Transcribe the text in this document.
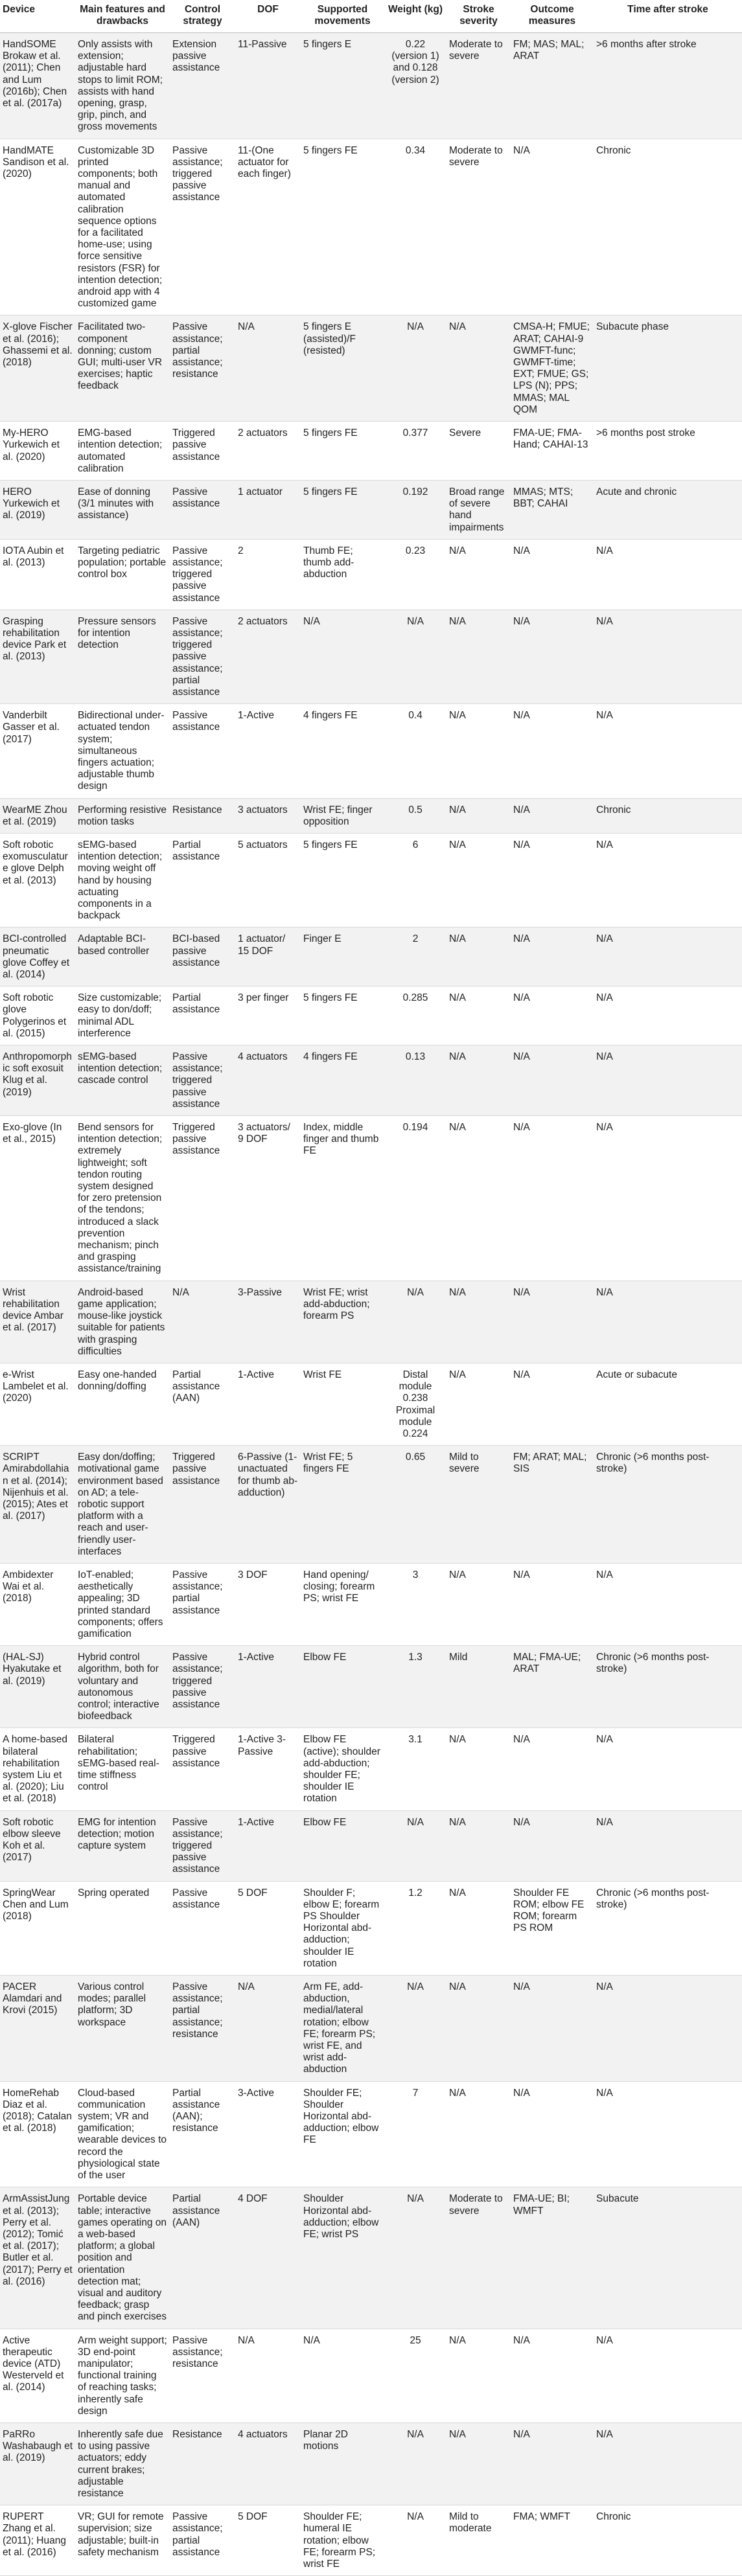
Device	Main features and drawbacks	Control strategy	DOF	Supported movements	Weight (kg)	Stroke severity	Outcome measures	Time after stroke
HandSOME Brokaw et al. (2011); Chen and Lum (2016b); Chen et al. (2017a)	Only assists with extension; adjustable hard stops to limit ROM; assists with hand opening, grasp, grip, pinch, and gross movements	Extension passive assistance	11-Passive	5 fingers E	0.22 (version 1) and 0.128 (version 2)	Moderate to severe	FM; MAS; MAL; ARAT	>6 months after stroke
HandMATE Sandison et al. (2020)	Customizable 3D printed components; both manual and automated calibration sequence options for a facilitated home-use; using force sensitive resistors (FSR) for intention detection; android app with 4 customized game	Passive assistance; triggered passive assistance	11-(One actuator for each finger)	5 fingers FE	0.34	Moderate to severe	N/A	Chronic
X-glove Fischer et al. (2016); Ghassemi et al. (2018)	Facilitated two-component donning; custom GUI; multi-user VR exercises; haptic feedback	Passive assistance; partial assistance; resistance	N/A	5 fingers E (assisted)/F (resisted)	N/A	N/A	CMSA-H; FMUE; ARAT; CAHAI-9 GWMFT-func; GWMFT-time; EXT; FMUE; GS; LPS (N); PPS; MMAS; MAL QOM	Subacute phase
My-HERO Yurkewich et al. (2020)	EMG-based intention detection; automated calibration	Triggered passive assistance	2 actuators	5 fingers FE	0.377	Severe	FMA-UE; FMA-Hand; CAHAI-13	>6 months post stroke
HERO Yurkewich et al. (2019)	Ease of donning (3/1 minutes with assistance)	Passive assistance	1 actuator	5 fingers FE	0.192	Broad range of severe hand impairments	MMAS; MTS; BBT; CAHAI	Acute and chronic
IOTA Aubin et al. (2013)	Targeting pediatric population; portable control box	Passive assistance; triggered passive assistance	2	Thumb FE; thumb add-abduction	0.23	N/A	N/A	N/A
Grasping rehabilitation device Park et al. (2013)	Pressure sensors for intention detection	Passive assistance; triggered passive assistance; partial assistance	2 actuators	N/A	N/A	N/A	N/A	N/A
Vanderbilt Gasser et al. (2017)	Bidirectional under-actuated tendon system; simultaneous fingers actuation; adjustable thumb design	Passive assistance	1-Active	4 fingers FE	0.4	N/A	N/A	N/A
WearME Zhou et al. (2019)	Performing resistive motion tasks	Resistance	3 actuators	Wrist FE; finger opposition	0.5	N/A	N/A	Chronic
Soft robotic exomusculature glove Delph et al. (2013)	sEMG-based intention detection; moving weight off hand by housing actuating components in a backpack	Partial assistance	5 actuators	5 fingers FE	6	N/A	N/A	N/A
BCI-controlled pneumatic glove Coffey et al. (2014)	Adaptable BCI-based controller	BCI-based passive assistance	1 actuator/ 15 DOF	Finger E	2	N/A	N/A	N/A
Soft robotic glove Polygerinos et al. (2015)	Size customizable; easy to don/doff; minimal ADL interference	Partial assistance	3 per finger	5 fingers FE	0.285	N/A	N/A	N/A
Anthropomorphic soft exosuit Klug et al. (2019)	sEMG-based intention detection; cascade control	Passive assistance; triggered passive assistance	4 actuators	4 fingers FE	0.13	N/A	N/A	N/A
Exo-glove (In et al., 2015)	Bend sensors for intention detection; extremely lightweight; soft tendon routing system designed for zero pretension of the tendons; introduced a slack prevention mechanism; pinch and grasping assistance/training	Triggered passive assistance	3 actuators/ 9 DOF	Index, middle finger and thumb FE	0.194	N/A	N/A	N/A
Wrist rehabilitation device Ambar et al. (2017)	Android-based game application; mouse-like joystick suitable for patients with grasping difficulties	N/A	3-Passive	Wrist FE; wrist add-abduction; forearm PS	N/A	N/A	N/A	N/A
e-Wrist Lambelet et al. (2020)	Easy one-handed donning/doffing	Partial assistance (AAN)	1-Active	Wrist FE	Distal module 0.238 Proximal module 0.224	N/A	N/A	Acute or subacute
SCRIPT Amirabdollahian et al. (2014); Nijenhuis et al. (2015); Ates et al. (2017)	Easy don/doffing; motivational game environment based on AD; a tele-robotic support platform with a reach and user-friendly user-interfaces	Triggered passive assistance	6-Passive (1-unactuated for thumb ab-adduction)	Wrist FE; 5 fingers FE	0.65	Mild to severe	FM; ARAT; MAL; SIS	Chronic (>6 months post-stroke)
Ambidexter Wai et al. (2018)	IoT-enabled; aesthetically appealing; 3D printed standard components; offers gamification	Passive assistance; partial assistance	3 DOF	Hand opening/ closing; forearm PS; wrist FE	3	N/A	N/A	N/A
(HAL-SJ) Hyakutake et al. (2019)	Hybrid control algorithm, both for voluntary and autonomous control; interactive biofeedback	Passive assistance; triggered passive assistance	1-Active	Elbow FE	1.3	Mild	MAL; FMA-UE; ARAT	Chronic (>6 months post-stroke)
A home-based bilateral rehabilitation system Liu et al. (2020); Liu et al. (2018)	Bilateral rehabilitation; sEMG-based real-time stiffness control	Triggered passive assistance	1-Active 3-Passive	Elbow FE (active); shoulder add-abduction; shoulder FE; shoulder IE rotation	3.1	N/A	N/A	N/A
Soft robotic elbow sleeve Koh et al. (2017)	EMG for intention detection; motion capture system	Passive assistance; triggered passive assistance	1-Active	Elbow FE	N/A	N/A	N/A	N/A
SpringWear Chen and Lum (2018)	Spring operated	Passive assistance	5 DOF	Shoulder F; elbow E; forearm PS Shoulder Horizontal abd-adduction; shoulder IE rotation	1.2	N/A	Shoulder FE ROM; elbow FE ROM; forearm PS ROM	Chronic (>6 months post-stroke)
PACER Alamdari and Krovi (2015)	Various control modes; parallel platform; 3D workspace	Passive assistance; partial assistance; resistance	N/A	Arm FE, add-abduction, medial/lateral rotation; elbow FE; forearm PS; wrist FE, and wrist add-abduction	N/A	N/A	N/A	N/A
HomeRehab Diaz et al. (2018); Catalan et al. (2018)	Cloud-based communication system; VR and gamification; wearable devices to record the physiological state of the user	Partial assistance (AAN); resistance	3-Active	Shoulder FE; Shoulder Horizontal abd-adduction; elbow FE	7	N/A	N/A	N/A
ArmAssistJung et al. (2013); Perry et al. (2012); Tomić et al. (2017); Butler et al. (2017); Perry et al. (2016)	Portable device table; interactive games operating on a web-based platform; a global position and orientation detection mat; visual and auditory feedback; grasp and pinch exercises	Partial assistance (AAN)	4 DOF	Shoulder Horizontal abd-adduction; elbow FE; wrist PS	N/A	Moderate to severe	FMA-UE; BI; WMFT	Subacute
Active therapeutic device (ATD) Westerveld et al. (2014)	Arm weight support; 3D end-point manipulator; functional training of reaching tasks; inherently safe design	Passive assistance; resistance	N/A	N/A	25	N/A	N/A	N/A
PaRRo Washabaugh et al. (2019)	Inherently safe due to using passive actuators; eddy current brakes; adjustable resistance	Resistance	4 actuators	Planar 2D motions	N/A	N/A	N/A	N/A
RUPERT Zhang et al. (2011); Huang et al. (2016)	VR; GUI for remote supervision; size adjustable; built-in safety mechanism	Passive assistance; partial assistance	5 DOF	Shoulder FE; humeral IE rotation; elbow FE; forearm PS; wrist FE	N/A	Mild to moderate	FMA; WMFT	Chronic
